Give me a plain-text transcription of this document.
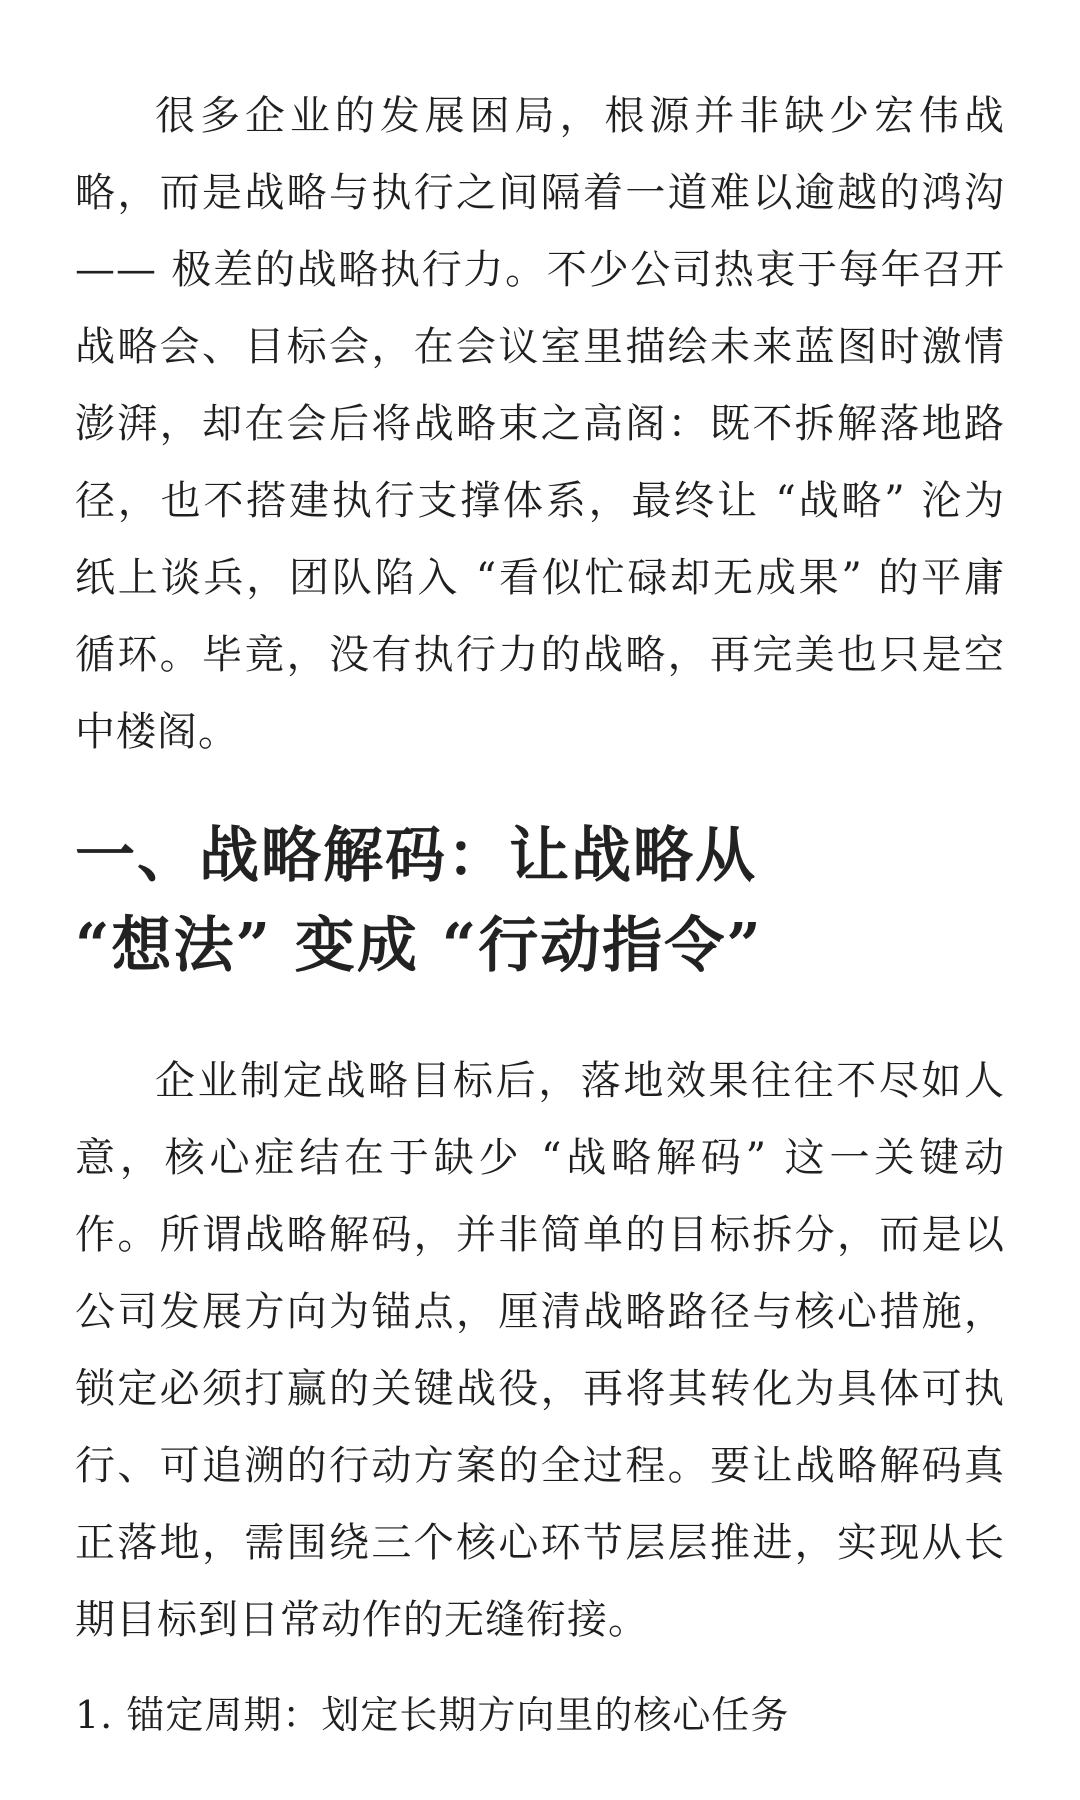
很多企业的发展困局，根源并非缺少宏伟战略，而是战略与执行之间隔着一道难以逾越的鸿沟 —— 极差的战略执行力。不少公司热衷于每年召开战略会、目标会，在会议室里描绘未来蓝图时激情澎湃，却在会后将战略束之高阁：既不拆解落地路径，也不搭建执行支撑体系，最终让 “战略” 沦为纸上谈兵，团队陷入 “看似忙碌却无成果” 的平庸循环。毕竟，没有执行力的战略，再完美也只是空中楼阁。

一、战略解码：让战略从
“想法” 变成 “行动指令”

企业制定战略目标后，落地效果往往不尽如人意，核心症结在于缺少 “战略解码” 这一关键动作。所谓战略解码，并非简单的目标拆分，而是以公司发展方向为锚点，厘清战略路径与核心措施，锁定必须打赢的关键战役，再将其转化为具体可执行、可追溯的行动方案的全过程。要让战略解码真正落地，需围绕三个核心环节层层推进，实现从长期目标到日常动作的无缝衔接。

1. 锚定周期：划定长期方向里的核心任务
